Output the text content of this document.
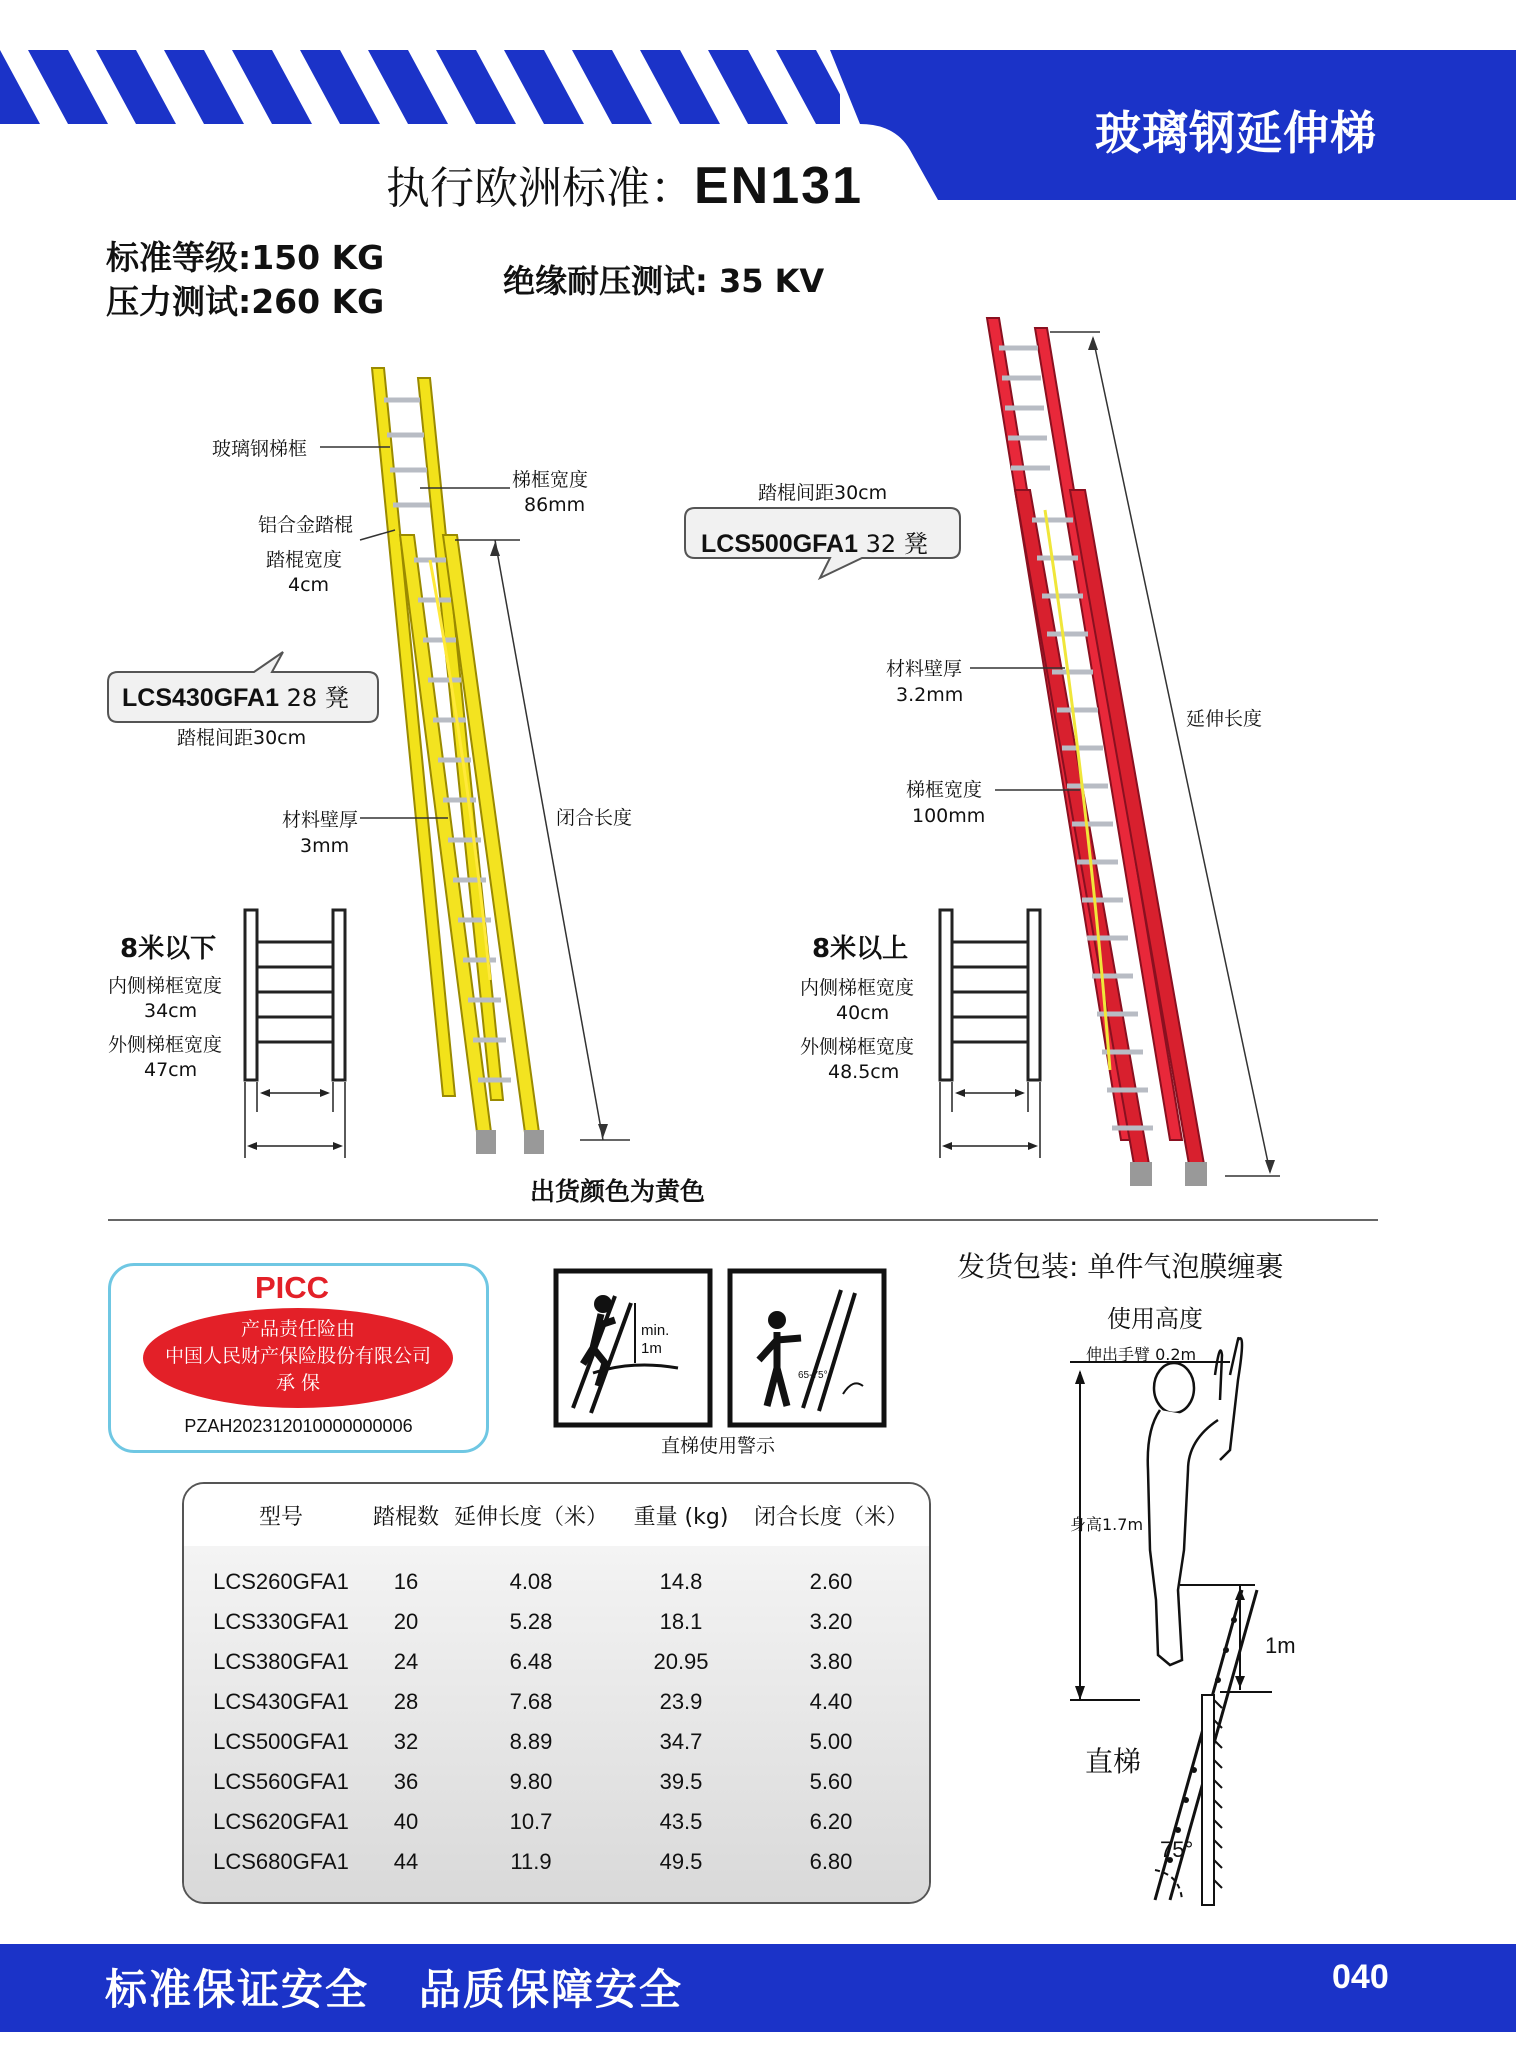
玻璃钢延伸梯
执行欧洲标准：EN131
标准等级:150 KG
压力测试:260 KG
绝缘耐压测试: 35 KV
玻璃钢梯框
梯框宽度
86mm
铝合金踏棍
踏棍宽度
4cm
LCS430GFA1 28 凳
踏棍间距30cm
材料壁厚
3mm
闭合长度
8米以下
内侧梯框宽度
34cm
外侧梯框宽度
47cm
出货颜色为黄色
踏棍间距30cm
LCS500GFA1 32 凳
材料壁厚
3.2mm
延伸长度
梯框宽度
100mm
8米以上
内侧梯框宽度
40cm
外侧梯框宽度
48.5cm
PICC
产品责任险由
中国人民财产保险股份有限公司
承 保
PZAH202312010000000006
min.
1m
65-75°
直梯使用警示
发货包装: 单件气泡膜缠裹
使用高度
伸出手臂 0.2m
身高1.7m
1m
直梯
75°
型号	踏棍数 延伸长度（米）	重量 (kg)	闭合长度（米）
LCS260GFA1	16	4.08	14.8	2.60
LCS330GFA1	20	5.28	18.1	3.20
LCS380GFA1	24	6.48	20.95	3.80
LCS430GFA1	28	7.68	23.9	4.40
LCS500GFA1	32	8.89	34.7	5.00
LCS560GFA1	36	9.80	39.5	5.60
LCS620GFA1	40	10.7	43.5	6.20
LCS680GFA1	44	11.9	49.5	6.80
标准保证安全   品质保障安全	040
